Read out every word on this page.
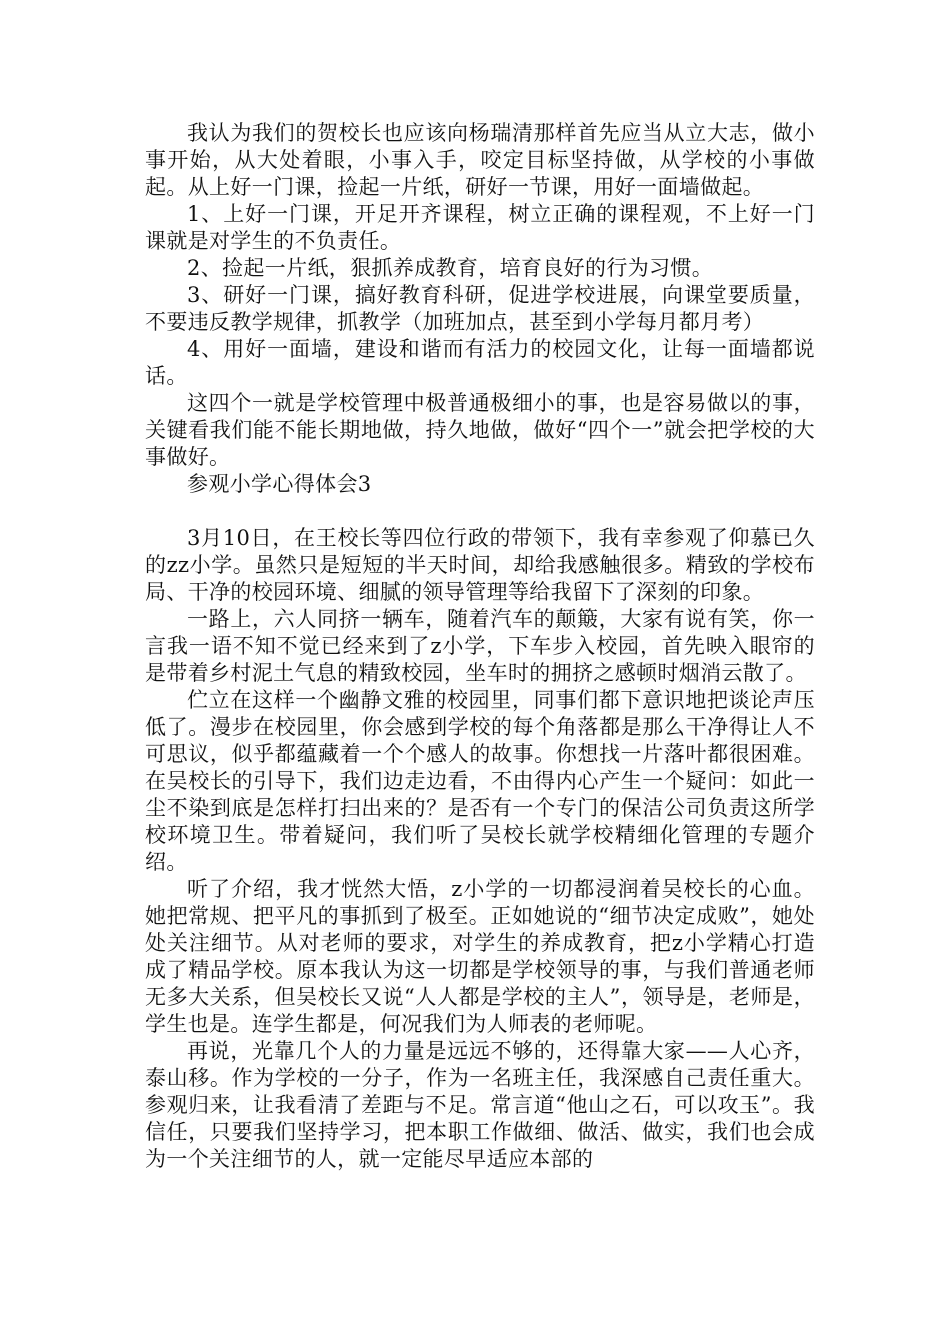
我认为我们的贺校长也应该向杨瑞清那样首先应当从立大志，做小事开始，从大处着眼，小事入手，咬定目标坚持做，从学校的小事做起。从上好一门课，捡起一片纸，研好一节课，用好一面墙做起。

1、上好一门课，开足开齐课程，树立正确的课程观，不上好一门课就是对学生的不负责任。

2、捡起一片纸，狠抓养成教育，培育良好的行为习惯。

3、研好一门课，搞好教育科研，促进学校进展，向课堂要质量，不要违反教学规律，抓教学（加班加点，甚至到小学每月都月考）

4、用好一面墙，建设和谐而有活力的校园文化，让每一面墙都说话。

这四个一就是学校管理中极普通极细小的事，也是容易做以的事，关键看我们能不能长期地做，持久地做，做好“四个一”就会把学校的大事做好。

参观小学心得体会3

3月10日，在王校长等四位行政的带领下，我有幸参观了仰慕已久的zz小学。虽然只是短短的半天时间，却给我感触很多。精致的学校布局、干净的校园环境、细腻的领导管理等给我留下了深刻的印象。

一路上，六人同挤一辆车，随着汽车的颠簸，大家有说有笑，你一言我一语不知不觉已经来到了z小学，下车步入校园，首先映入眼帘的是带着乡村泥土气息的精致校园，坐车时的拥挤之感顿时烟消云散了。

伫立在这样一个幽静文雅的校园里，同事们都下意识地把谈论声压低了。漫步在校园里，你会感到学校的每个角落都是那么干净得让人不可思议，似乎都蕴藏着一个个感人的故事。你想找一片落叶都很困难。在吴校长的引导下，我们边走边看，不由得内心产生一个疑问：如此一尘不染到底是怎样打扫出来的？是否有一个专门的保洁公司负责这所学校环境卫生。带着疑问，我们听了吴校长就学校精细化管理的专题介绍。

听了介绍，我才恍然大悟，z小学的一切都浸润着吴校长的心血。她把常规、把平凡的事抓到了极至。正如她说的“细节决定成败”，她处处关注细节。从对老师的要求，对学生的养成教育，把z小学精心打造成了精品学校。原本我认为这一切都是学校领导的事，与我们普通老师无多大关系，但吴校长又说“人人都是学校的主人”，领导是，老师是，学生也是。连学生都是，何况我们为人师表的老师呢。

再说，光靠几个人的力量是远远不够的，还得靠大家——人心齐，泰山移。作为学校的一分子，作为一名班主任，我深感自己责任重大。参观归来，让我看清了差距与不足。常言道“他山之石，可以攻玉”。我信任，只要我们坚持学习，把本职工作做细、做活、做实，我们也会成为一个关注细节的人，就一定能尽早适应本部的
